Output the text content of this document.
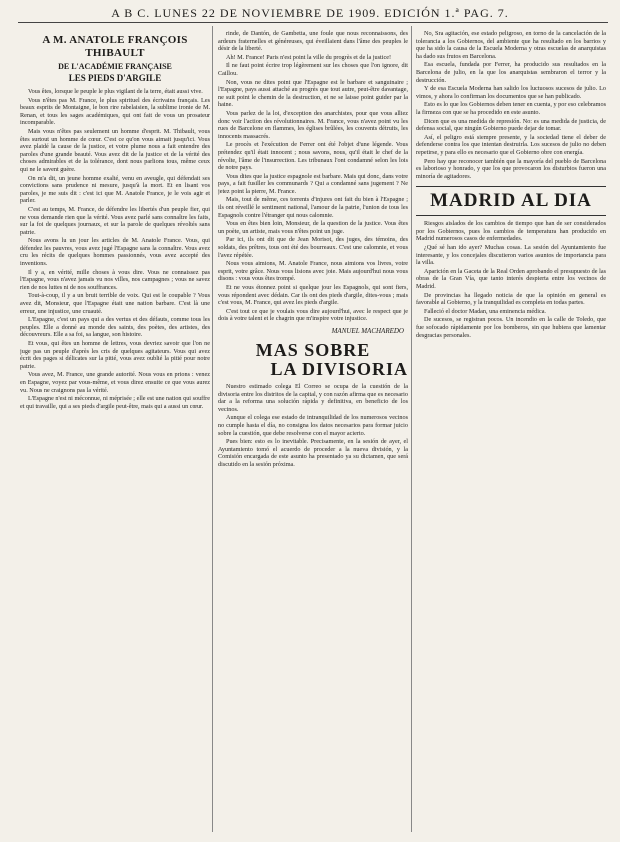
A B C. LUNES 22 DE NOVIEMBRE DE 1909. EDICIÓN 1.ª PAG. 7.
A M. ANATOLE FRANÇOIS THIBAULT
DE L'ACADÉMIE FRANÇAISE
LES PIEDS D'ARGILE

Vous êtes, lorsque le peuple le plus vigilant de la terre, était aussi vive.

Vous n'êtes pas M. France, le plus spirituel des écrivains français. Les beaux esprits de Montaigne, le bon rire rabelaisien, la sublime ironie de M. Renan, et tous les sages académiques, qui ont fait de vous un prosateur incomparable.

Mais vous n'êtes pas seulement un homme d'esprit. M. Thibault, vous êtes surtout un homme de cœur. C'est ce qu'on vous aimait jusqu'ici. Vous avez plaidé la cause de la justice, et votre plume nous a fait entendre des paroles d'une grande beauté. Vous avez dit de la justice et de la vérité des choses admirables et de la tolérance, dont nous parlions tous, même ceux qui ne le savent guère.

On m'a dit, un jeune homme exalté, venu en aveugle, qui défendait ses convictions sans prudence ni mesure, jusqu'à la mort. Et en lisant vos paroles, je me suis dit : c'est ici que M. Anatole France, je le vois agir et parler.

C'est au temps, M. France, de défendre les libertés d'un peuple fier, qui ne vous demande rien que la vérité. Vous avez parlé sans connaître les faits, sur la foi de quelques journaux, et sur la parole de quelques révoltés sans patrie.

Nous avons lu un jour les articles de M. Anatole France. Vous, qui défendez les pauvres, vous avez jugé l'Espagne sans la connaître. Vous avez cru les récits de quelques hommes passionnés, vous avez accepté des inventions.

Il y a, en vérité, mille choses à vous dire. Vous ne connaissez pas l'Espagne, vous n'avez jamais vu nos villes, nos campagnes ; vous ne savez rien de nos luttes ni de nos souffrances.

Tout-à-coup, il y a un bruit terrible de voix. Qui est le coupable ? Vous avez dit, Monsieur, que l'Espagne était une nation barbare. C'est là une erreur, une injustice, une cruauté.

L'Espagne, c'est un pays qui a des vertus et des défauts, comme tous les peuples. Elle a donné au monde des saints, des poètes, des artistes, des découvreurs. Elle a sa foi, sa langue, son histoire.

Et vous, qui êtes un homme de lettres, vous devriez savoir que l'on ne juge pas un peuple d'après les cris de quelques agitateurs. Vous qui avez écrit des pages si délicates sur la pitié, vous avez oublié la pitié pour notre patrie.

Vous avez, M. France, une grande autorité. Nous vous en prions : venez en Espagne, voyez par vous-même, et vous direz ensuite ce que vous aurez vu. Nous ne craignons pas la vérité.

L'Espagne n'est ni méconnue, ni méprisée ; elle est une nation qui souffre et qui travaille, qui a ses pieds d'argile peut-être, mais qui a aussi un cœur.

rinde, de Dantón, de Gambetta, une foule que nous reconnaissons, des ardeurs fraternelles et généreuses, qui éveillaient dans l'âme des peuples le désir de la liberté.

Ah! M. France! Paris n'est point la ville du progrès et de la justice!

Il ne faut point écrire trop légèrement sur les choses que l'on ignore, dit Caillou.

Non, vous ne dites point que l'Espagne est le barbare et sanguinaire ; l'Espagne, pays aussi attaché au progrès que tout autre, peut-être davantage, ne suit point le chemin de la destruction, et ne se laisse point guider par la haine.

Vous parlez de la loi, d'exception des anarchistes, pour que vous alliez donc voir l'action des révolutionnaires. M. France, vous n'avez point vu les rues de Barcelone en flammes, les églises brûlées, les couvents détruits, les innocents massacrés.

Le procès et l'exécution de Ferrer ont été l'objet d'une légende. Vous prétendez qu'il était innocent ; nous savons, nous, qu'il était le chef de la révolte, l'âme de l'insurrection. Les tribunaux l'ont condamné selon les lois de notre pays.

Vous dites que la justice espagnole est barbare. Mais qui donc, dans votre pays, a fait fusiller les communards ? Qui a condamné sans jugement ? Ne jetez point la pierre, M. France.

Mais, tout de même, ces torrents d'injures ont fait du bien à l'Espagne ; ils ont réveillé le sentiment national, l'amour de la patrie, l'union de tous les Espagnols contre l'étranger qui nous calomnie.

Vous en êtes bien loin, Monsieur, de la question de la justice. Vous êtes un poète, un artiste, mais vous n'êtes point un juge.

Par ici, ils ont dit que de Jean Morisot, des juges, des témoins, des soldats, des prêtres, tous ont été des bourreaux. C'est une calomnie, et vous l'avez répétée.

Nous vous aimions, M. Anatole France, nous aimions vos livres, votre esprit, votre grâce. Nous vous lisions avec joie. Mais aujourd'hui nous vous disons : vous vous êtes trompé.

Et ne vous étonnez point si quelque jour les Espagnols, qui sont fiers, vous répondent avec dédain. Car ils ont des pieds d'argile, dites-vous ; mais c'est vous, M. France, qui avez les pieds d'argile.

C'est tout ce que je voulais vous dire aujourd'hui, avec le respect que je dois à votre talent et le chagrin que m'inspire votre injustice.

MANUEL MACHAREDO
MAS SOBRE
LA DIVISORIA

Nuestro estimado colega El Correo se ocupa de la cuestión de la divisoria entre los distritos de la capital, y con razón afirma que es necesario dar a la reforma una solución rápida y definitiva, en beneficio de los vecinos.

Aunque el colega ese estado de intranquilidad de los numerosos vecinos no cumple hasta el día, no consigna los datos necesarios para formar juicio sobre la cuestión, que debe resolverse con el mayor acierto.

Pues bien: esto es lo inevitable. Precisamente, en la sesión de ayer, el Ayuntamiento tomó el acuerdo de proceder a la nueva división, y la Comisión encargada de este asunto ha presentado ya su dictamen, que será discutido en la sesión próxima.

No, Sra agitación, ese estado peligroso, en torno de la cancelación de la tolerancia a los Gobiernos, del ambiente que ha resultado en los barrios y que ha sido la causa de la Escuela Moderna y otras escuelas de anarquistas ha dado sus frutos en Barcelona.

Esa escuela, fundada por Ferrer, ha producido sus resultados en la Barcelona de julio, en la que los anarquistas sembraron el terror y la destrucción.

Y de esa Escuela Moderna han salido los luctuosos sucesos de julio. Lo vimos, y ahora lo confirman los documentos que se han publicado.

Esto es lo que los Gobiernos deben tener en cuenta, y por eso celebramos la firmeza con que se ha procedido en este asunto.

Dicen que es una medida de represión. No: es una medida de justicia, de defensa social, que ningún Gobierno puede dejar de tomar.

Así, el peligro está siempre presente, y la sociedad tiene el deber de defenderse contra los que intentan destruirla. Los sucesos de julio no deben repetirse, y para ello es necesario que el Gobierno obre con energía.

Pero hay que reconocer también que la mayoría del pueblo de Barcelona es laborioso y honrado, y que los que provocaron los disturbios fueron una minoría de agitadores.

MADRID AL DIA

Riesgos aislados de los cambios de tiempo que han de ser considerados por los Gobiernos, pues los cambios de temperatura han producido en Madrid numerosos casos de enfermedades.

¿Qué sé han ido ayer? Muchas cosas. La sesión del Ayuntamiento fue interesante, y los concejales discutieron varios asuntos de importancia para la villa.

Aparición en la Gaceta de la Real Orden aprobando el presupuesto de las obras de la Gran Vía, que tanto interés despierta entre los vecinos de Madrid.

De provincias ha llegado noticia de que la opinión en general es favorable al Gobierno, y la tranquilidad es completa en todas partes.

Falleció el doctor Madan, una eminencia médica.

De sucesos, se registran pocos. Un incendio en la calle de Toledo, que fue sofocado rápidamente por los bomberos, sin que hubiera que lamentar desgracias personales.
